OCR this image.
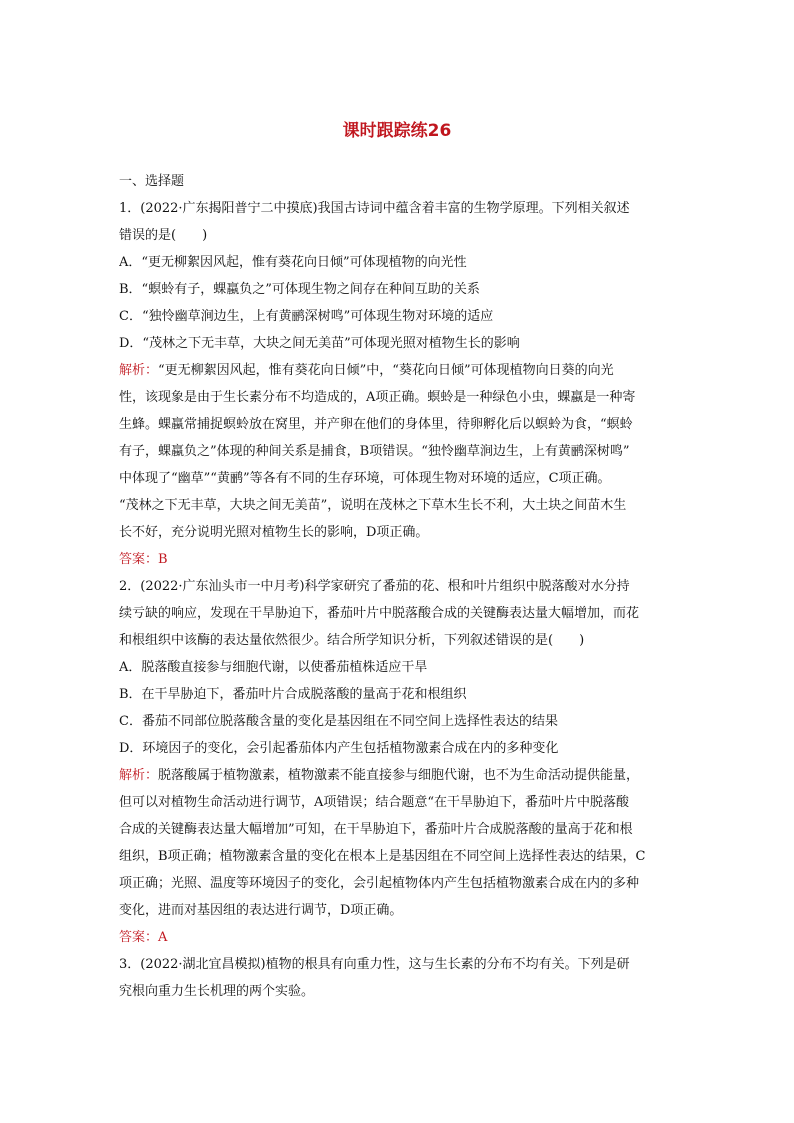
课时跟踪练26
一、选择题
1．(2022·广东揭阳普宁二中摸底)我国古诗词中蕴含着丰富的生物学原理。下列相关叙述
错误的是(　　)
A．“更无柳絮因风起，惟有葵花向日倾”可体现植物的向光性
B．“螟蛉有子，蜾蠃负之”可体现生物之间存在种间互助的关系
C．“独怜幽草涧边生，上有黄鹂深树鸣”可体现生物对环境的适应
D．“茂林之下无丰草，大块之间无美苗”可体现光照对植物生长的影响
解析：“更无柳絮因风起，惟有葵花向日倾”中，“葵花向日倾”可体现植物向日葵的向光
性，该现象是由于生长素分布不均造成的，A项正确。螟蛉是一种绿色小虫，蜾蠃是一种寄
生蜂。蜾蠃常捕捉螟蛉放在窝里，并产卵在他们的身体里，待卵孵化后以螟蛉为食，“螟蛉
有子，蜾蠃负之”体现的种间关系是捕食，B项错误。“独怜幽草涧边生，上有黄鹂深树鸣”
中体现了“幽草”“黄鹂”等各有不同的生存环境，可体现生物对环境的适应，C项正确。
“茂林之下无丰草，大块之间无美苗”，说明在茂林之下草木生长不利，大土块之间苗木生
长不好，充分说明光照对植物生长的影响，D项正确。
答案：B
2．(2022·广东汕头市一中月考)科学家研究了番茄的花、根和叶片组织中脱落酸对水分持
续亏缺的响应，发现在干旱胁迫下，番茄叶片中脱落酸合成的关键酶表达量大幅增加，而花
和根组织中该酶的表达量依然很少。结合所学知识分析，下列叙述错误的是(　　)
A．脱落酸直接参与细胞代谢，以使番茄植株适应干旱
B．在干旱胁迫下，番茄叶片合成脱落酸的量高于花和根组织
C．番茄不同部位脱落酸含量的变化是基因组在不同空间上选择性表达的结果
D．环境因子的变化，会引起番茄体内产生包括植物激素合成在内的多种变化
解析：脱落酸属于植物激素，植物激素不能直接参与细胞代谢，也不为生命活动提供能量，
但可以对植物生命活动进行调节，A项错误；结合题意“在干旱胁迫下，番茄叶片中脱落酸
合成的关键酶表达量大幅增加”可知，在干旱胁迫下，番茄叶片合成脱落酸的量高于花和根
组织，B项正确；植物激素含量的变化在根本上是基因组在不同空间上选择性表达的结果，C
项正确；光照、温度等环境因子的变化，会引起植物体内产生包括植物激素合成在内的多种
变化，进而对基因组的表达进行调节，D项正确。
答案：A
3．(2022·湖北宜昌模拟)植物的根具有向重力性，这与生长素的分布不均有关。下列是研
究根向重力生长机理的两个实验。
